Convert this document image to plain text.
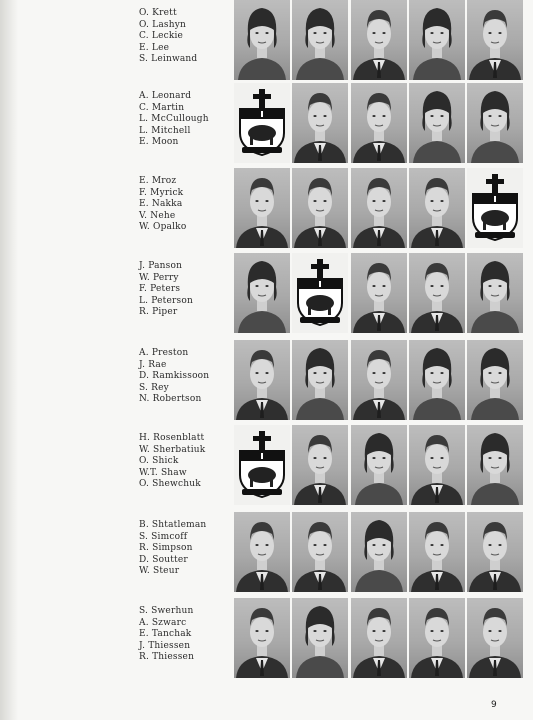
O. Krett
O. Lashyn
C. Leckie
E. Lee
S. Leinwand
A. Leonard
C. Martin
L. McCullough
L. Mitchell
E. Moon
E. Mroz
F. Myrick
E. Nakka
V. Nehe
W. Opalko
J. Panson
W. Perry
F. Peters
L. Peterson
R. Piper
A. Preston
J. Rae
D. Ramkissoon
S. Rey
N. Robertson
H. Rosenblatt
W. Sherbatiuk
O. Shick
W.T. Shaw
O. Shewchuk
B. Shtatleman
S. Simcoff
R. Simpson
D. Soutter
W. Steur
S. Swerhun
A. Szwarc
E. Tanchak
J. Thiessen
R. Thiessen
9
